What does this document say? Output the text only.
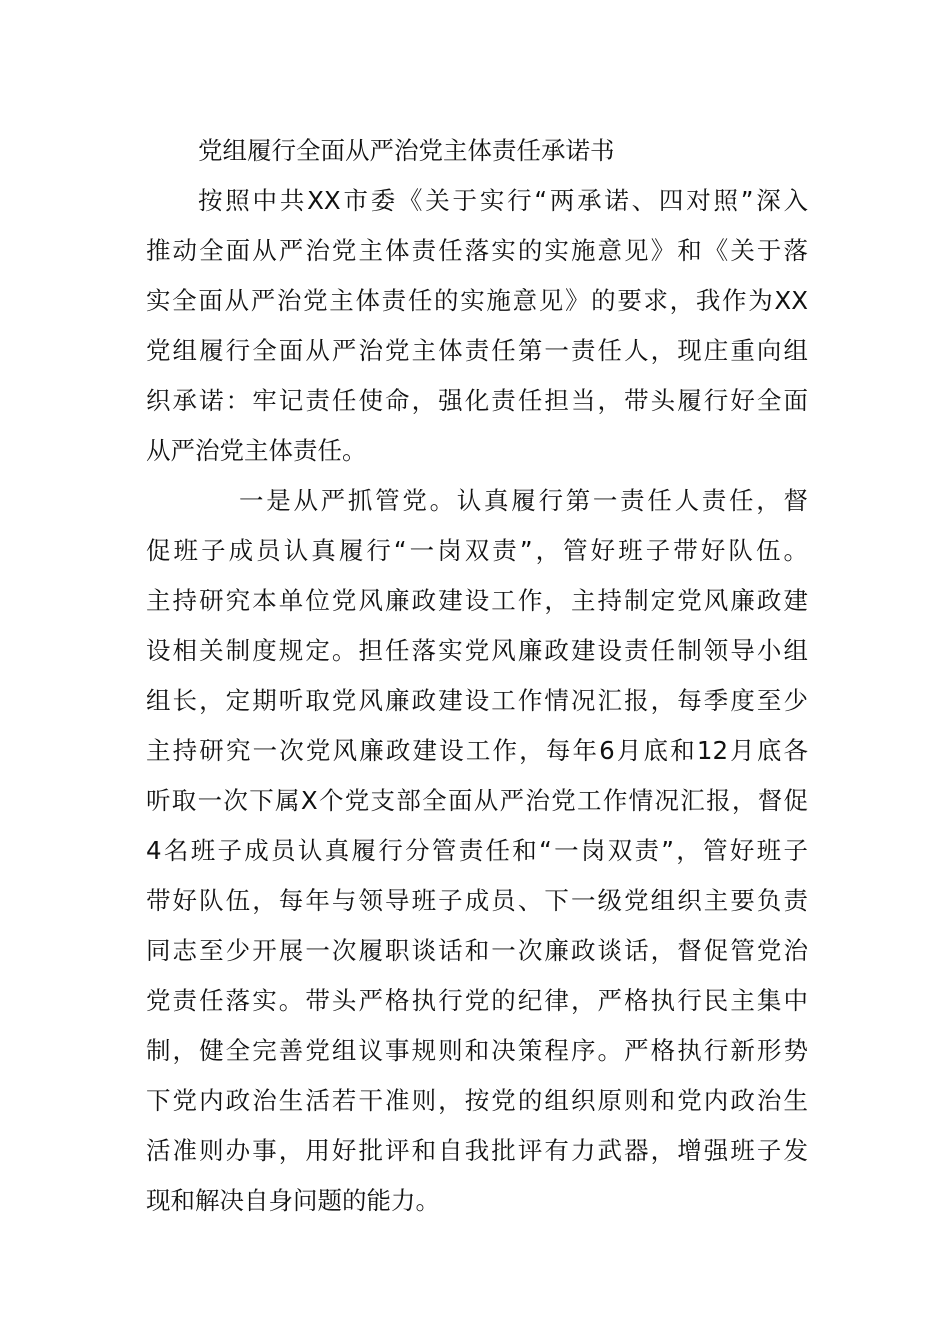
党组履行全面从严治党主体责任承诺书
按照中共XX市委《关于实行“两承诺、四对照”深入
推动全面从严治党主体责任落实的实施意见》和《关于落
实全面从严治党主体责任的实施意见》的要求，我作为XX
党组履行全面从严治党主体责任第一责任人，现庄重向组
织承诺：牢记责任使命，强化责任担当，带头履行好全面
从严治党主体责任。
一是从严抓管党。认真履行第一责任人责任，督
促班子成员认真履行“一岗双责”，管好班子带好队伍。
主持研究本单位党风廉政建设工作，主持制定党风廉政建
设相关制度规定。担任落实党风廉政建设责任制领导小组
组长，定期听取党风廉政建设工作情况汇报，每季度至少
主持研究一次党风廉政建设工作，每年6月底和12月底各
听取一次下属X个党支部全面从严治党工作情况汇报，督促
4名班子成员认真履行分管责任和“一岗双责”，管好班子
带好队伍，每年与领导班子成员、下一级党组织主要负责
同志至少开展一次履职谈话和一次廉政谈话，督促管党治
党责任落实。带头严格执行党的纪律，严格执行民主集中
制，健全完善党组议事规则和决策程序。严格执行新形势
下党内政治生活若干准则，按党的组织原则和党内政治生
活准则办事，用好批评和自我批评有力武器，增强班子发
现和解决自身问题的能力。
